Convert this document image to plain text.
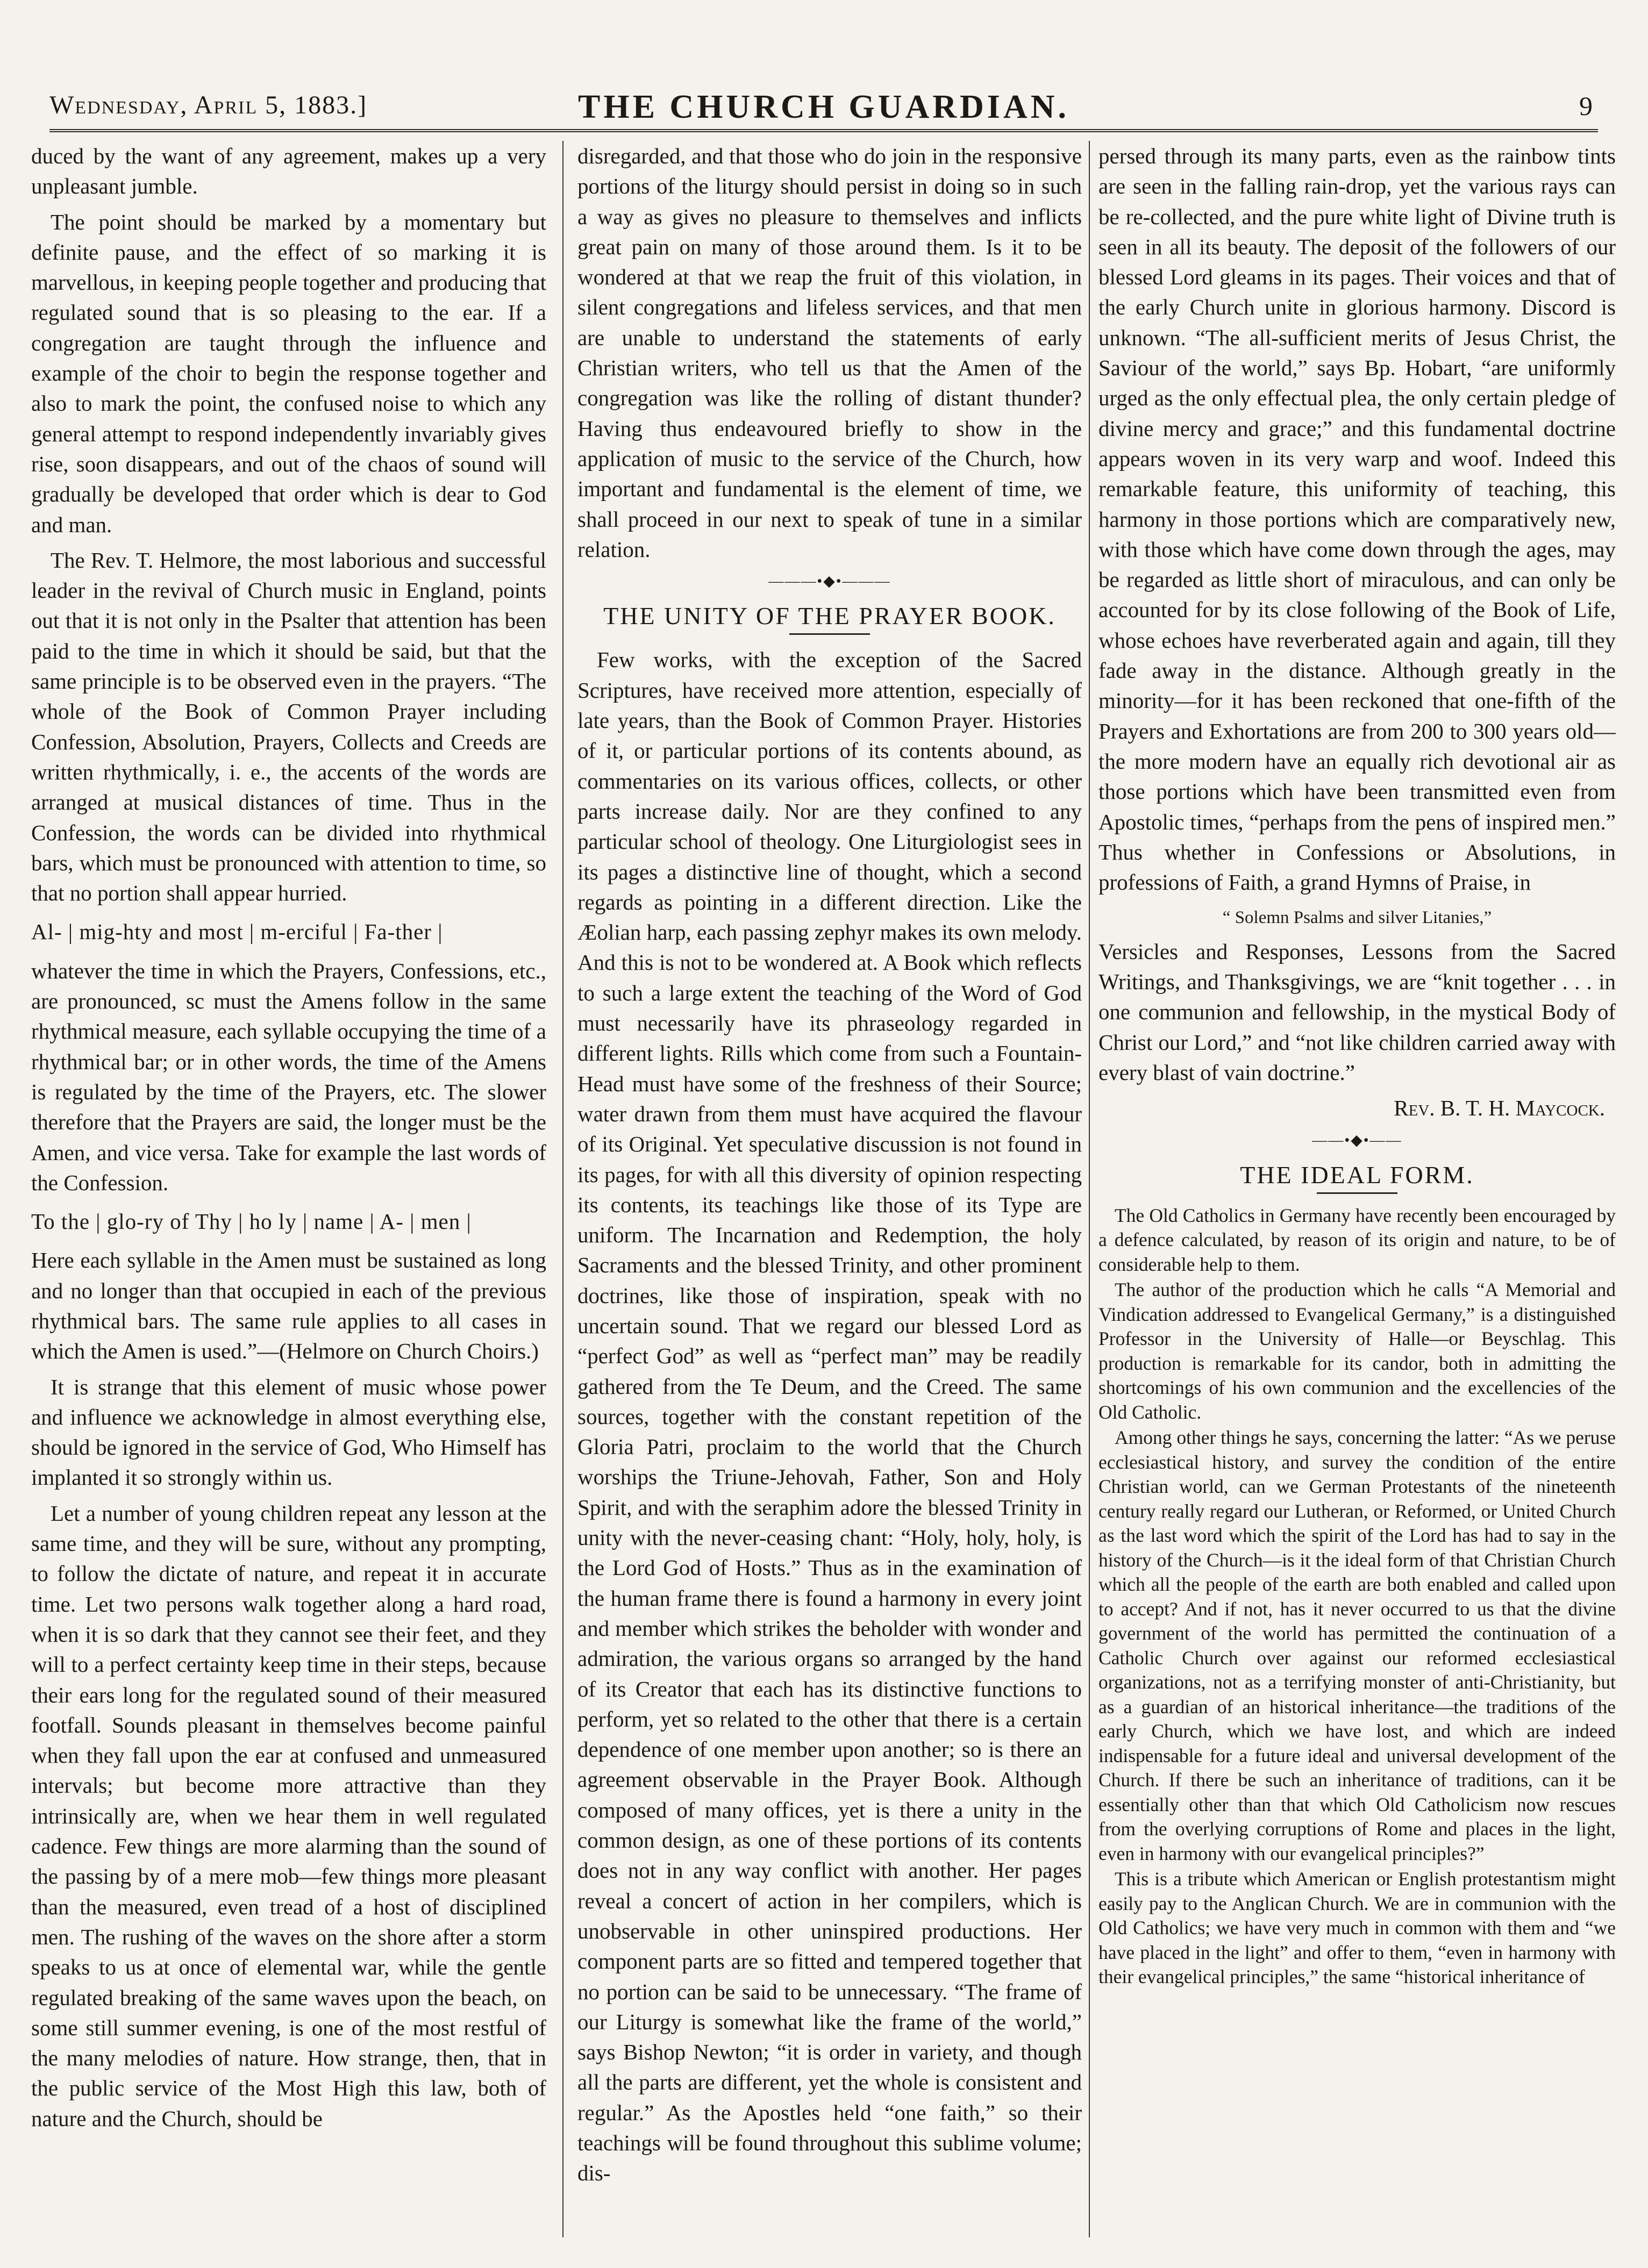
Wednesday, April 5, 1883.]	THE CHURCH GUARDIAN.	9

duced by the want of any agreement, makes up a very unpleasant jumble.

The point should be marked by a momentary but definite pause, and the effect of so marking it is marvellous, in keeping people together and producing that regulated sound that is so pleasing to the ear. If a congregation are taught through the influence and example of the choir to begin the response together and also to mark the point, the confused noise to which any general attempt to respond independently invariably gives rise, soon disappears, and out of the chaos of sound will gradually be developed that order which is dear to God and man.

The Rev. T. Helmore, the most laborious and successful leader in the revival of Church music in England, points out that it is not only in the Psalter that attention has been paid to the time in which it should be said, but that the same principle is to be observed even in the prayers. “The whole of the Book of Common Prayer including Confession, Absolution, Prayers, Collects and Creeds are written rhythmically, i. e., the accents of the words are arranged at musical distances of time. Thus in the Confession, the words can be divided into rhythmical bars, which must be pronounced with attention to time, so that no portion shall appear hurried.

Al- | mig-hty and most | m-erciful | Fa-ther |

whatever the time in which the Prayers, Confessions, etc., are pronounced, sc must the Amens follow in the same rhythmical measure, each syllable occupying the time of a rhythmical bar; or in other words, the time of the Amens is regulated by the time of the Prayers, etc. The slower therefore that the Prayers are said, the longer must be the Amen, and vice versa. Take for example the last words of the Confession.

To the | glo-ry of Thy | ho ly | name | A- | men |

Here each syllable in the Amen must be sustained as long and no longer than that occupied in each of the previous rhythmical bars. The same rule applies to all cases in which the Amen is used.”—(Helmore on Church Choirs.)

It is strange that this element of music whose power and influence we acknowledge in almost everything else, should be ignored in the service of God, Who Himself has implanted it so strongly within us.

Let a number of young children repeat any lesson at the same time, and they will be sure, without any prompting, to follow the dictate of nature, and repeat it in accurate time. Let two persons walk together along a hard road, when it is so dark that they cannot see their feet, and they will to a perfect certainty keep time in their steps, because their ears long for the regulated sound of their measured footfall. Sounds pleasant in themselves become painful when they fall upon the ear at confused and unmeasured intervals; but become more attractive than they intrinsically are, when we hear them in well regulated cadence. Few things are more alarming than the sound of the passing by of a mere mob—few things more pleasant than the measured, even tread of a host of disciplined men. The rushing of the waves on the shore after a storm speaks to us at once of elemental war, while the gentle regulated breaking of the same waves upon the beach, on some still summer evening, is one of the most restful of the many melodies of nature. How strange, then, that in the public service of the Most High this law, both of nature and the Church, should be

disregarded, and that those who do join in the responsive portions of the liturgy should persist in doing so in such a way as gives no pleasure to themselves and inflicts great pain on many of those around them. Is it to be wondered at that we reap the fruit of this violation, in silent congregations and lifeless services, and that men are unable to understand the statements of early Christian writers, who tell us that the Amen of the congregation was like the rolling of distant thunder? Having thus endeavoured briefly to show in the application of music to the service of the Church, how important and fundamental is the element of time, we shall proceed in our next to speak of tune in a similar relation.

———•◆•———
THE UNITY OF THE PRAYER BOOK.

Few works, with the exception of the Sacred Scriptures, have received more attention, especially of late years, than the Book of Common Prayer. Histories of it, or particular portions of its contents abound, as commentaries on its various offices, collects, or other parts increase daily. Nor are they confined to any particular school of theology. One Liturgiologist sees in its pages a distinctive line of thought, which a second regards as pointing in a different direction. Like the Æolian harp, each passing zephyr makes its own melody. And this is not to be wondered at. A Book which reflects to such a large extent the teaching of the Word of God must necessarily have its phraseology regarded in different lights. Rills which come from such a Fountain-Head must have some of the freshness of their Source; water drawn from them must have acquired the flavour of its Original. Yet speculative discussion is not found in its pages, for with all this diversity of opinion respecting its contents, its teachings like those of its Type are uniform. The Incarnation and Redemption, the holy Sacraments and the blessed Trinity, and other prominent doctrines, like those of inspiration, speak with no uncertain sound. That we regard our blessed Lord as “perfect God” as well as “perfect man” may be readily gathered from the Te Deum, and the Creed. The same sources, together with the constant repetition of the Gloria Patri, proclaim to the world that the Church worships the Triune-Jehovah, Father, Son and Holy Spirit, and with the seraphim adore the blessed Trinity in unity with the never-ceasing chant: “Holy, holy, holy, is the Lord God of Hosts.” Thus as in the examination of the human frame there is found a harmony in every joint and member which strikes the beholder with wonder and admiration, the various organs so arranged by the hand of its Creator that each has its distinctive functions to perform, yet so related to the other that there is a certain dependence of one member upon another; so is there an agreement observable in the Prayer Book. Although composed of many offices, yet is there a unity in the common design, as one of these portions of its contents does not in any way conflict with another. Her pages reveal a concert of action in her compilers, which is unobservable in other uninspired productions. Her component parts are so fitted and tempered together that no portion can be said to be unnecessary. “The frame of our Liturgy is somewhat like the frame of the world,” says Bishop Newton; “it is order in variety, and though all the parts are different, yet the whole is consistent and regular.” As the Apostles held “one faith,” so their teachings will be found throughout this sublime volume; dis-

persed through its many parts, even as the rainbow tints are seen in the falling rain-drop, yet the various rays can be re-collected, and the pure white light of Divine truth is seen in all its beauty. The deposit of the followers of our blessed Lord gleams in its pages. Their voices and that of the early Church unite in glorious harmony. Discord is unknown. “The all-sufficient merits of Jesus Christ, the Saviour of the world,” says Bp. Hobart, “are uniformly urged as the only effectual plea, the only certain pledge of divine mercy and grace;” and this fundamental doctrine appears woven in its very warp and woof. Indeed this remarkable feature, this uniformity of teaching, this harmony in those portions which are comparatively new, with those which have come down through the ages, may be regarded as little short of miraculous, and can only be accounted for by its close following of the Book of Life, whose echoes have reverberated again and again, till they fade away in the distance. Although greatly in the minority—for it has been reckoned that one-fifth of the Prayers and Exhortations are from 200 to 300 years old—the more modern have an equally rich devotional air as those portions which have been transmitted even from Apostolic times, “perhaps from the pens of inspired men.” Thus whether in Confessions or Absolutions, in professions of Faith, a grand Hymns of Praise, in

“ Solemn Psalms and silver Litanies,”

Versicles and Responses, Lessons from the Sacred Writings, and Thanksgivings, we are “knit together . . . in one communion and fellowship, in the mystical Body of Christ our Lord,” and “not like children carried away with every blast of vain doctrine.”

Rev. B. T. H. Maycock.
——•◆•——
THE IDEAL FORM.

The Old Catholics in Germany have recently been encouraged by a defence calculated, by reason of its origin and nature, to be of considerable help to them.

The author of the production which he calls “A Memorial and Vindication addressed to Evangelical Germany,” is a distinguished Professor in the University of Halle—or Beyschlag. This production is remarkable for its candor, both in admitting the shortcomings of his own communion and the excellencies of the Old Catholic.

Among other things he says, concerning the latter: “As we peruse ecclesiastical history, and survey the condition of the entire Christian world, can we German Protestants of the nineteenth century really regard our Lutheran, or Reformed, or United Church as the last word which the spirit of the Lord has had to say in the history of the Church—is it the ideal form of that Christian Church which all the people of the earth are both enabled and called upon to accept? And if not, has it never occurred to us that the divine government of the world has permitted the continuation of a Catholic Church over against our reformed ecclesiastical organizations, not as a terrifying monster of anti-Christianity, but as a guardian of an historical inheritance—the traditions of the early Church, which we have lost, and which are indeed indispensable for a future ideal and universal development of the Church. If there be such an inheritance of traditions, can it be essentially other than that which Old Catholicism now rescues from the overlying corruptions of Rome and places in the light, even in harmony with our evangelical principles?”

This is a tribute which American or English protestantism might easily pay to the Anglican Church. We are in communion with the Old Catholics; we have very much in common with them and “we have placed in the light” and offer to them, “even in harmony with their evangelical principles,” the same “historical inheritance of
